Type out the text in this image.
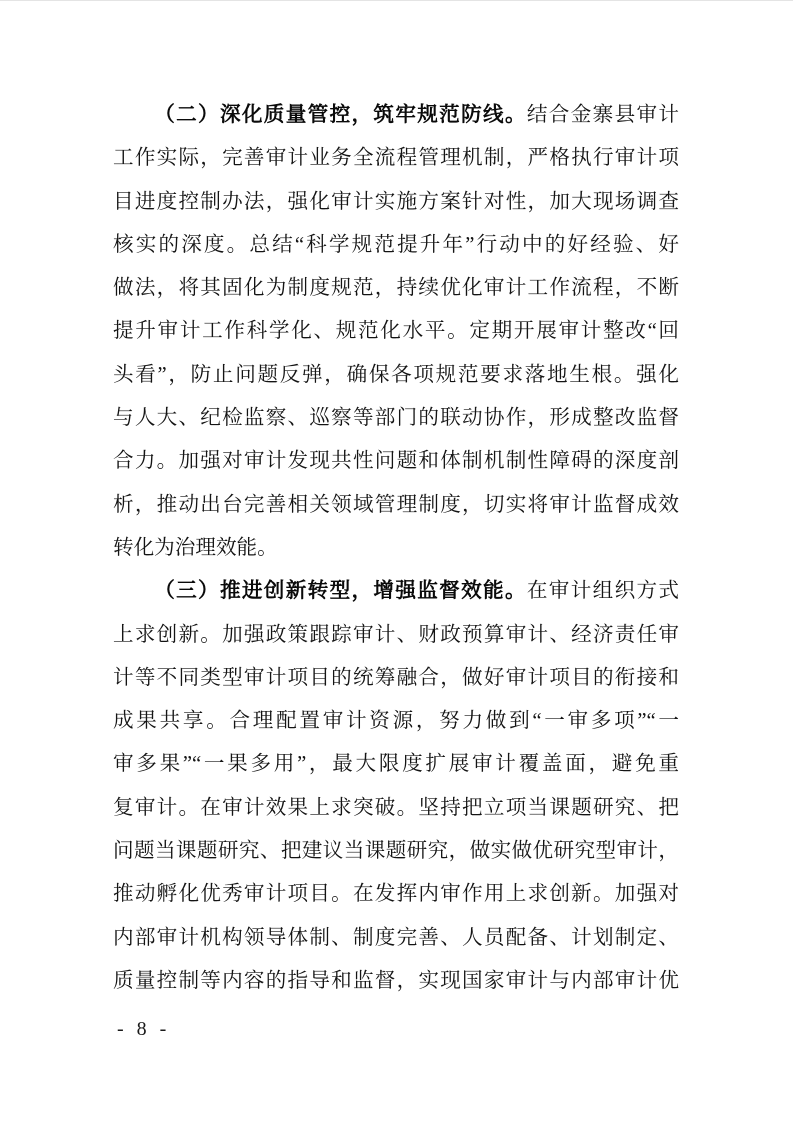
（二）深化质量管控，筑牢规范防线。结合金寨县审计
工作实际，完善审计业务全流程管理机制，严格执行审计项
目进度控制办法，强化审计实施方案针对性，加大现场调查
核实的深度。总结“科学规范提升年”行动中的好经验、好
做法，将其固化为制度规范，持续优化审计工作流程，不断
提升审计工作科学化、规范化水平。定期开展审计整改“回
头看”，防止问题反弹，确保各项规范要求落地生根。强化
与人大、纪检监察、巡察等部门的联动协作，形成整改监督
合力。加强对审计发现共性问题和体制机制性障碍的深度剖
析，推动出台完善相关领域管理制度，切实将审计监督成效
转化为治理效能。
（三）推进创新转型，增强监督效能。在审计组织方式
上求创新。加强政策跟踪审计、财政预算审计、经济责任审
计等不同类型审计项目的统筹融合，做好审计项目的衔接和
成果共享。合理配置审计资源，努力做到“一审多项”“一
审多果”“一果多用”，最大限度扩展审计覆盖面，避免重
复审计。在审计效果上求突破。坚持把立项当课题研究、把
问题当课题研究、把建议当课题研究，做实做优研究型审计，
推动孵化优秀审计项目。在发挥内审作用上求创新。加强对
内部审计机构领导体制、制度完善、人员配备、计划制定、
质量控制等内容的指导和监督，实现国家审计与内部审计优
- 8 -
